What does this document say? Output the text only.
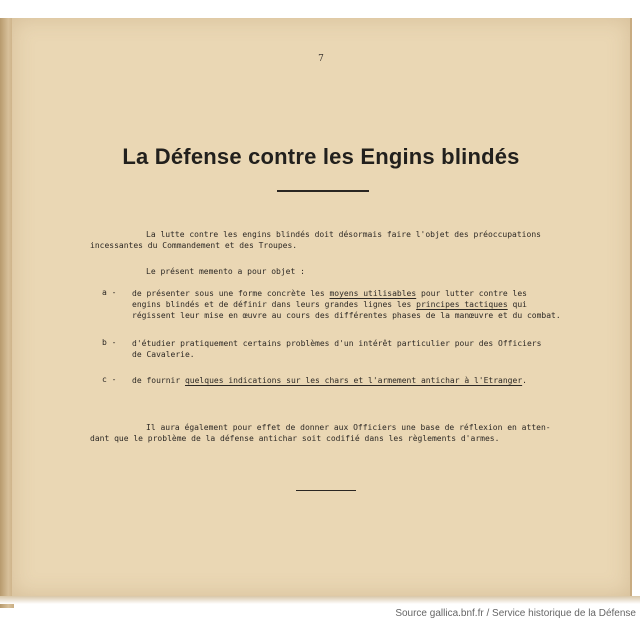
7
La Défense contre les Engins blindés
La lutte contre les engins blindés doit désormais faire l'objet des préoccupations
incessantes du Commandement et des Troupes.
Le présent memento a pour objet :
a - de présenter sous une forme concrète les moyens utilisables pour lutter contre les
engins blindés et de définir dans leurs grandes lignes les principes tactiques qui
régissent leur mise en œuvre au cours des différentes phases de la manœuvre et du combat.
b - d'étudier pratiquement certains problèmes d'un intérêt particulier pour des Officiers
de Cavalerie.
c - de fournir quelques indications sur les chars et l'armement antichar à l'Etranger.
Il aura également pour effet de donner aux Officiers une base de réflexion en atten-
dant que le problème de la défense antichar soit codifié dans les règlements d'armes.
Source gallica.bnf.fr / Service historique de la Défense
